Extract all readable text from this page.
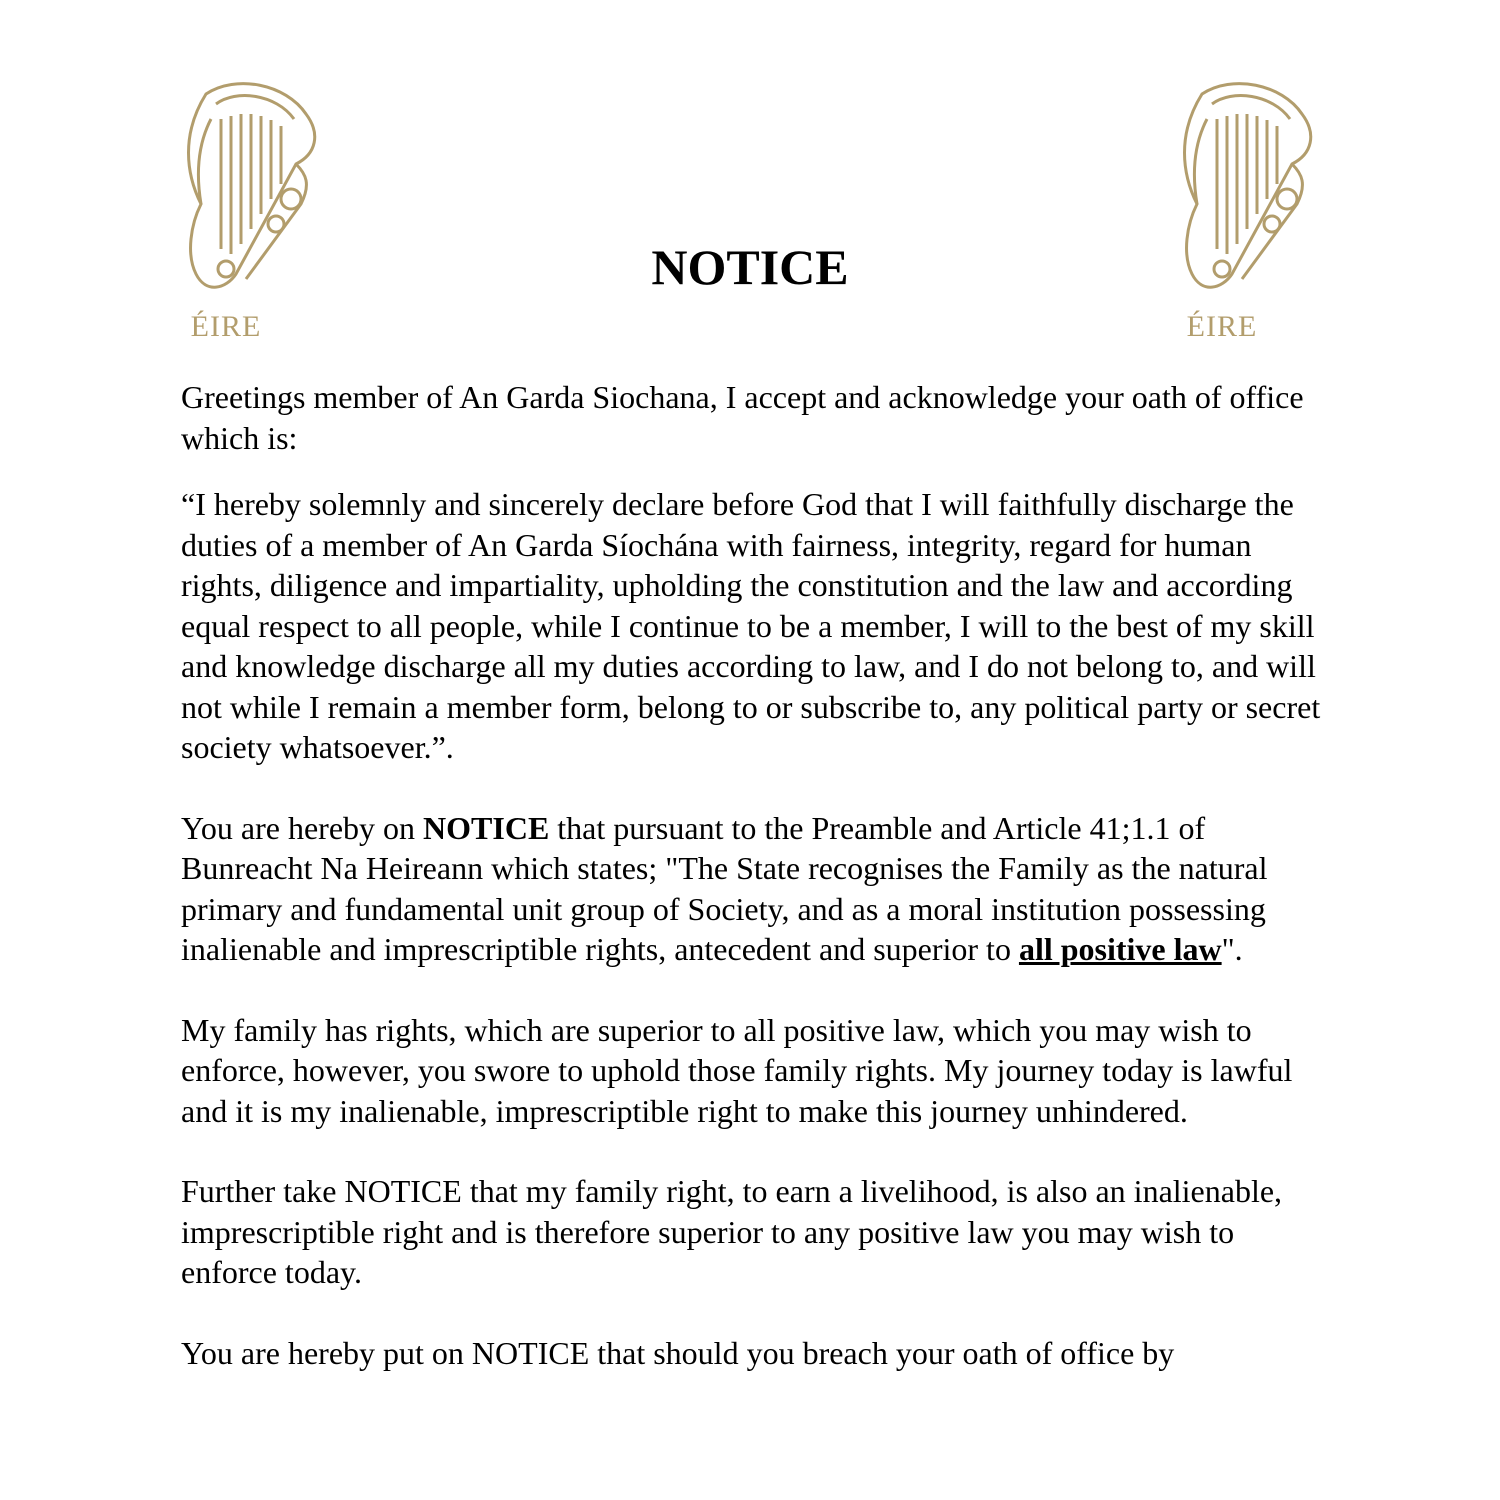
ÉIRE	ÉIRE
NOTICE

Greetings member of An Garda Siochana, I accept and acknowledge your oath of office which is:

“I hereby solemnly and sincerely declare before God that I will faithfully discharge the duties of a member of An Garda Síochána with fairness, integrity, regard for human rights, diligence and impartiality, upholding the constitution and the law and according equal respect to all people, while I continue to be a member, I will to the best of my skill and knowledge discharge all my duties according to law, and I do not belong to, and will not while I remain a member form, belong to or subscribe to, any political party or secret society whatsoever.”.

You are hereby on NOTICE that pursuant to the Preamble and Article 41;1.1 of Bunreacht Na Heireann which states; "The State recognises the Family as the natural primary and fundamental unit group of Society, and as a moral institution possessing inalienable and imprescriptible rights, antecedent and superior to all positive law".

My family has rights, which are superior to all positive law, which you may wish to enforce, however, you swore to uphold those family rights. My journey today is lawful and it is my inalienable, imprescriptible right to make this journey unhindered.

Further take NOTICE that my family right, to earn a livelihood, is also an inalienable, imprescriptible right and is therefore superior to any positive law you may wish to enforce today.

You are hereby put on NOTICE that should you breach your oath of office by
